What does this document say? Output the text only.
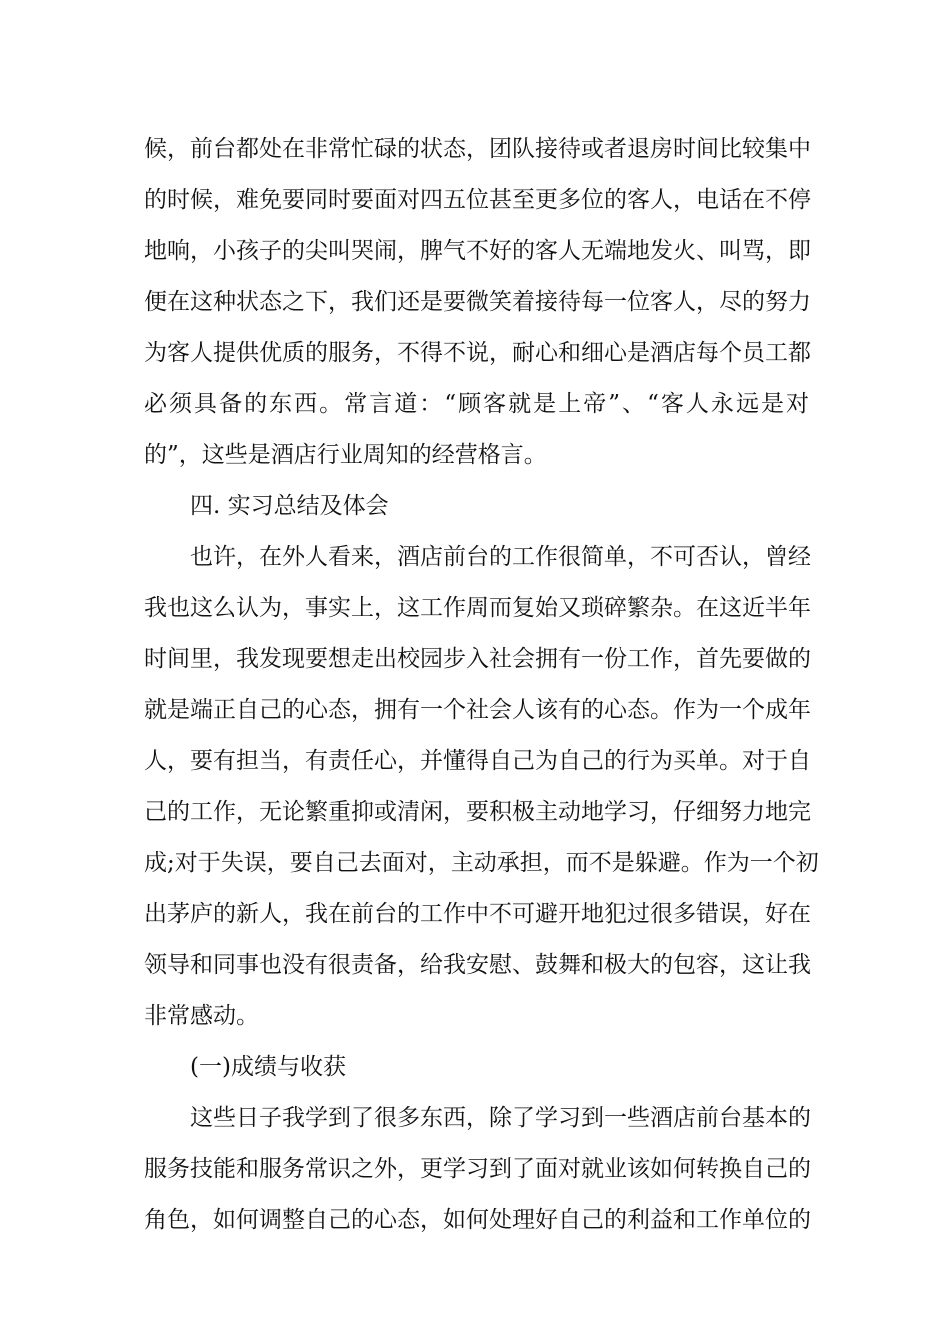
候，前台都处在非常忙碌的状态，团队接待或者退房时间比较集中
的时候，难免要同时要面对四五位甚至更多位的客人，电话在不停
地响，小孩子的尖叫哭闹，脾气不好的客人无端地发火、叫骂，即
便在这种状态之下，我们还是要微笑着接待每一位客人，尽的努力
为客人提供优质的服务，不得不说，耐心和细心是酒店每个员工都
必须具备的东西。常言道：“顾客就是上帝”、“客人永远是对
的”，这些是酒店行业周知的经营格言。
四. 实习总结及体会
也许，在外人看来，酒店前台的工作很简单，不可否认，曾经
我也这么认为，事实上，这工作周而复始又琐碎繁杂。在这近半年
时间里，我发现要想走出校园步入社会拥有一份工作，首先要做的
就是端正自己的心态，拥有一个社会人该有的心态。作为一个成年
人，要有担当，有责任心，并懂得自己为自己的行为买单。对于自
己的工作，无论繁重抑或清闲，要积极主动地学习，仔细努力地完
成;对于失误，要自己去面对，主动承担，而不是躲避。作为一个初
出茅庐的新人，我在前台的工作中不可避开地犯过很多错误，好在
领导和同事也没有很责备，给我安慰、鼓舞和极大的包容，这让我
非常感动。
(一)成绩与收获
这些日子我学到了很多东西，除了学习到一些酒店前台基本的
服务技能和服务常识之外，更学习到了面对就业该如何转换自己的
角色，如何调整自己的心态，如何处理好自己的利益和工作单位的
